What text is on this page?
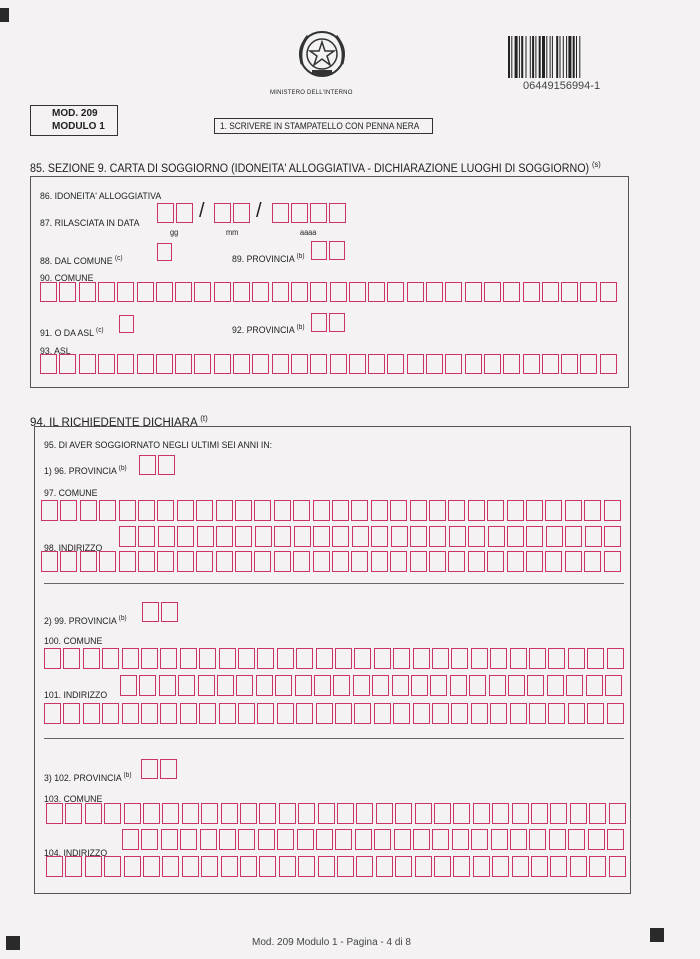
MINISTERO DELL'INTERNO
06449156994-1
MOD. 209
MODULO 1	1. SCRIVERE IN STAMPATELLO CON PENNA NERA
85. SEZIONE 9. CARTA DI SOGGIORNO (IDONEITA' ALLOGGIATIVA - DICHIARAZIONE LUOGHI DI SOGGIORNO) $^{(s)}$
86. IDONEITA' ALLOGGIATIVA
87. RILASCIATA IN DATA
gg	mm	aaaa
/	/
88. DAL COMUNE $^{(c)}$	89. PROVINCIA $^{(b)}$
90. COMUNE
91. O DA ASL $^{(c)}$	92. PROVINCIA $^{(b)}$
93. ASL
94. IL RICHIEDENTE DICHIARA $^{(t)}$
95. DI AVER SOGGIORNATO NEGLI ULTIMI SEI ANNI IN:
1) 96. PROVINCIA $^{(b)}$
97. COMUNE
98. INDIRIZZO
2) 99. PROVINCIA $^{(b)}$
100. COMUNE
101. INDIRIZZO
3) 102. PROVINCIA $^{(b)}$
103. COMUNE
104. INDIRIZZO
Mod. 209 Modulo 1 - Pagina - 4 di 8
